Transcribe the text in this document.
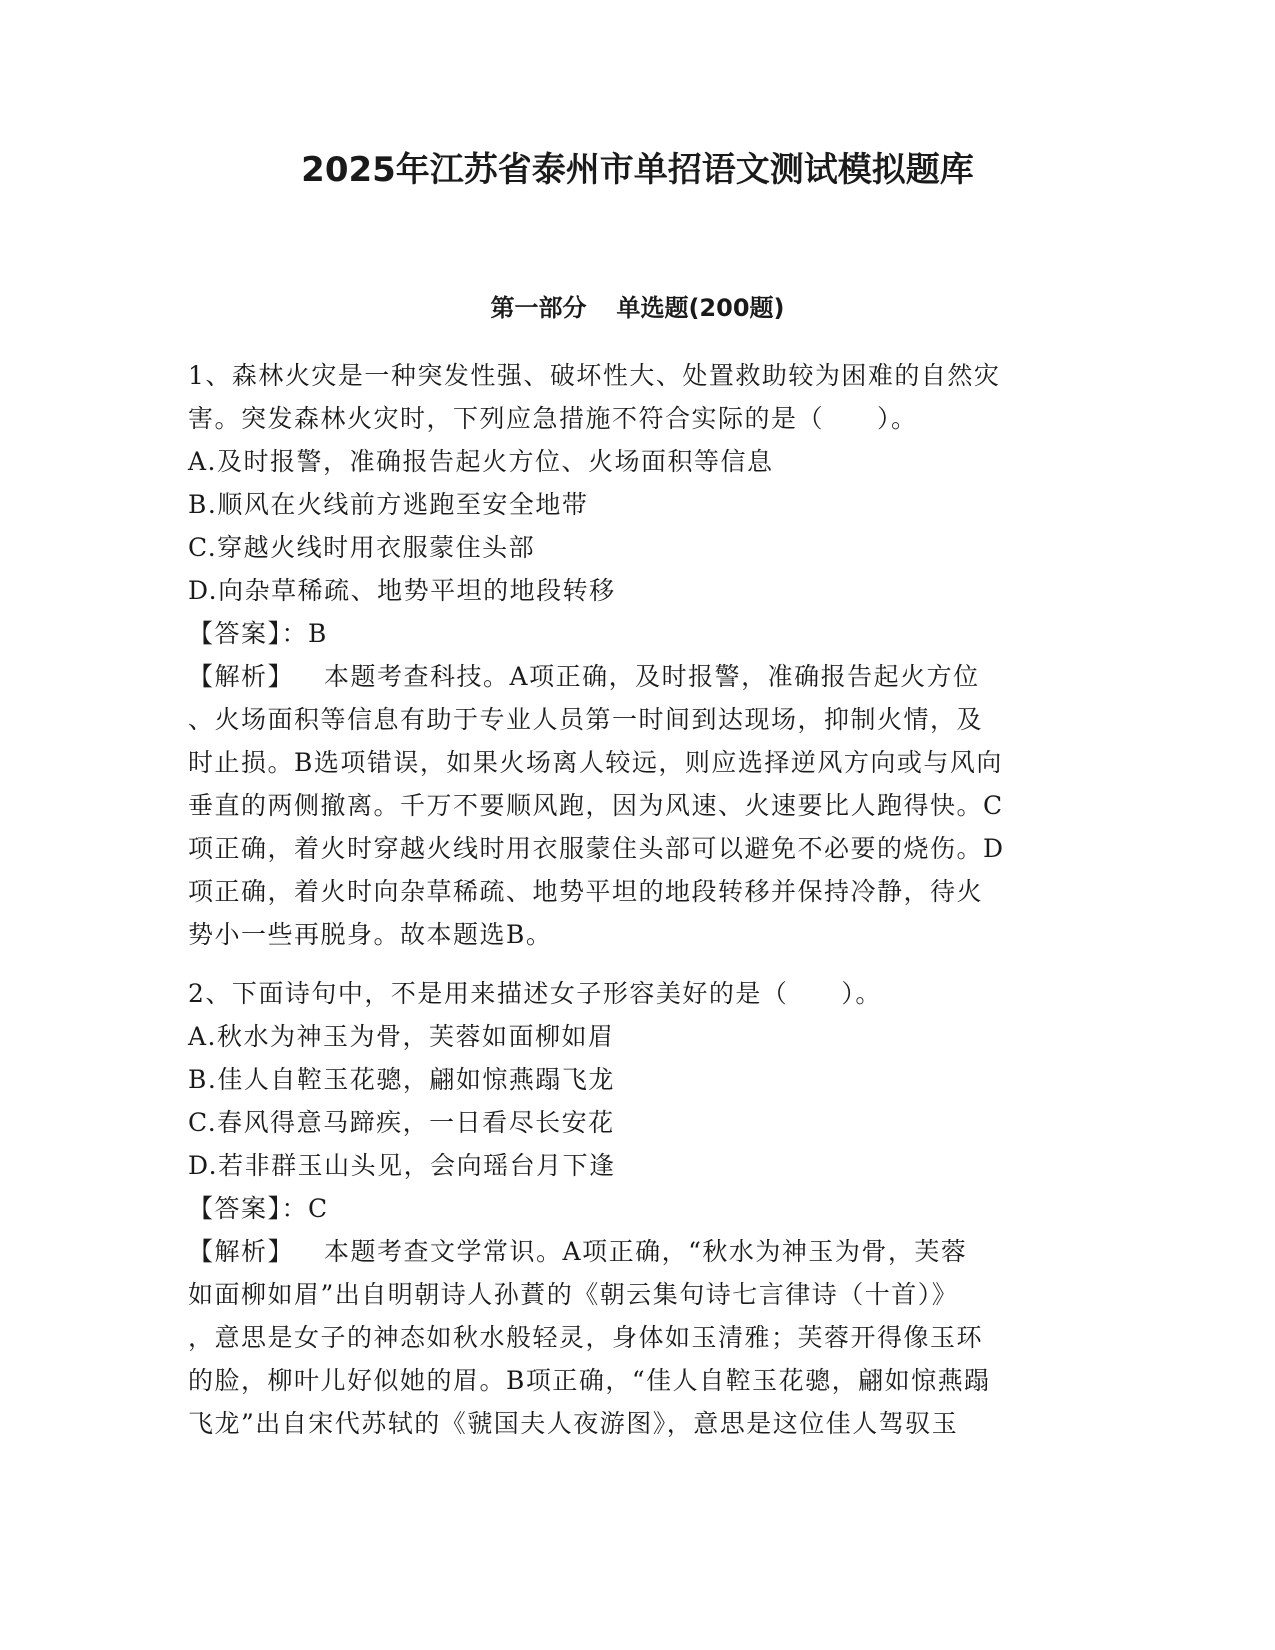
2025年江苏省泰州市单招语文测试模拟题库
第一部分 单选题(200题)
1、森林火灾是一种突发性强、破坏性大、处置救助较为困难的自然灾
害。突发森林火灾时，下列应急措施不符合实际的是（　　）。
A.及时报警，准确报告起火方位、火场面积等信息
B.顺风在火线前方逃跑至安全地带
C.穿越火线时用衣服蒙住头部
D.向杂草稀疏、地势平坦的地段转移
【答案】：B
【解析】 本题考查科技。A项正确，及时报警，准确报告起火方位
、火场面积等信息有助于专业人员第一时间到达现场，抑制火情，及
时止损。B选项错误，如果火场离人较远，则应选择逆风方向或与风向
垂直的两侧撤离。千万不要顺风跑，因为风速、火速要比人跑得快。C
项正确，着火时穿越火线时用衣服蒙住头部可以避免不必要的烧伤。D
项正确，着火时向杂草稀疏、地势平坦的地段转移并保持冷静，待火
势小一些再脱身。故本题选B。
2、下面诗句中，不是用来描述女子形容美好的是（　　）。
A.秋水为神玉为骨，芙蓉如面柳如眉
B.佳人自鞚玉花骢，翩如惊燕蹋飞龙
C.春风得意马蹄疾，一日看尽长安花
D.若非群玉山头见，会向瑶台月下逢
【答案】：C
【解析】 本题考查文学常识。A项正确，“秋水为神玉为骨，芙蓉
如面柳如眉”出自明朝诗人孙蕡的《朝云集句诗七言律诗（十首）》
，意思是女子的神态如秋水般轻灵，身体如玉清雅；芙蓉开得像玉环
的脸，柳叶儿好似她的眉。B项正确，“佳人自鞚玉花骢，翩如惊燕蹋
飞龙”出自宋代苏轼的《虢国夫人夜游图》，意思是这位佳人驾驭玉
